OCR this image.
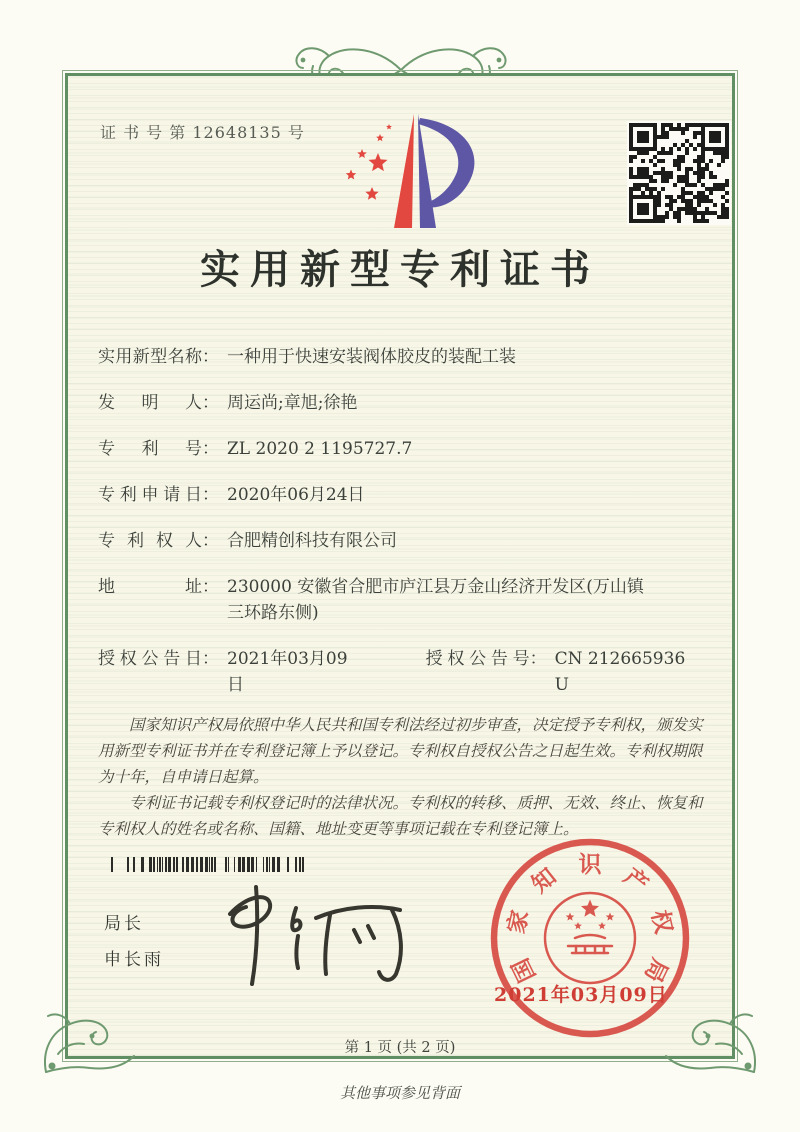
证 书 号 第 12648135 号
实用新型专利证书
实用新型名称 ： 一种用于快速安装阀体胶皮的装配工装
发明人 ： 周运尚;章旭;徐艳
专利号 ： ZL 2020 2 1195727.7
专利申请日 ： 2020年06月24日
专利权人 ： 合肥精创科技有限公司
地址 ： 230000 安徽省合肥市庐江县万金山经济开发区(万山镇三环路东侧)
授权公告日 ： 2021年03月09日
授权公告号 ： CN 212665936 U

国家知识产权局依照中华人民共和国专利法经过初步审查，决定授予专利权，颁发实用新型专利证书并在专利登记簿上予以登记。专利权自授权公告之日起生效。专利权期限为十年，自申请日起算。

专利证书记载专利权登记时的法律状况。专利权的转移、质押、无效、终止、恢复和专利权人的姓名或名称、国籍、地址变更等事项记载在专利登记簿上。

局长
申长雨	国
家
知 识 产
权
局
2021年03月09日
第 1 页 (共 2 页)
其他事项参见背面
